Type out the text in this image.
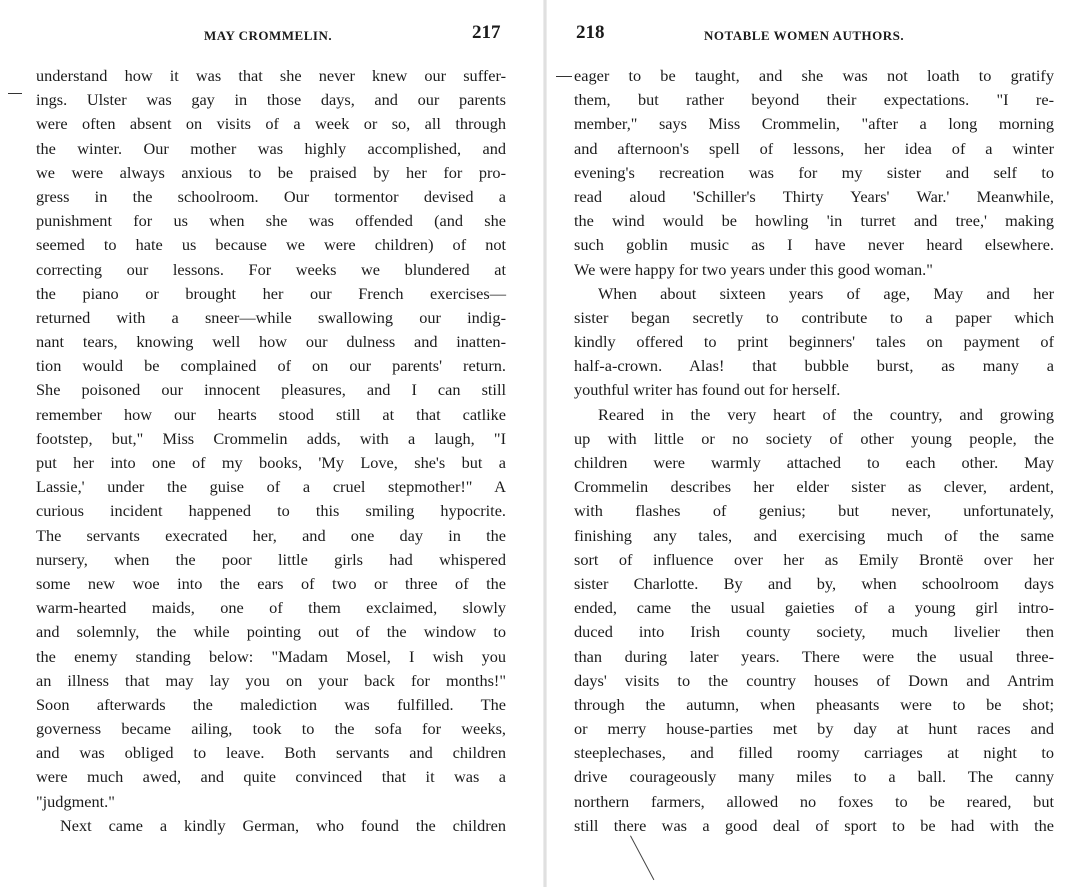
MAY CROMMELIN.	217
understand how it was that she never knew our suffer-
ings. Ulster was gay in those days, and our parents
were often absent on visits of a week or so, all through
the winter. Our mother was highly accomplished, and
we were always anxious to be praised by her for pro-
gress in the schoolroom. Our tormentor devised a
punishment for us when she was offended (and she
seemed to hate us because we were children) of not
correcting our lessons. For weeks we blundered at
the piano or brought her our French exercises—
returned with a sneer—while swallowing our indig-
nant tears, knowing well how our dulness and inatten-
tion would be complained of on our parents' return.
She poisoned our innocent pleasures, and I can still
remember how our hearts stood still at that catlike
footstep, but," Miss Crommelin adds, with a laugh, "I
put her into one of my books, 'My Love, she's but a
Lassie,' under the guise of a cruel stepmother!" A
curious incident happened to this smiling hypocrite.
The servants execrated her, and one day in the
nursery, when the poor little girls had whispered
some new woe into the ears of two or three of the
warm-hearted maids, one of them exclaimed, slowly
and solemnly, the while pointing out of the window to
the enemy standing below: "Madam Mosel, I wish you
an illness that may lay you on your back for months!"
Soon afterwards the malediction was fulfilled. The
governess became ailing, took to the sofa for weeks,
and was obliged to leave. Both servants and children
were much awed, and quite convinced that it was a
"judgment."
Next came a kindly German, who found the children
218	NOTABLE WOMEN AUTHORS.
eager to be taught, and she was not loath to gratify
them, but rather beyond their expectations. "I re-
member," says Miss Crommelin, "after a long morning
and afternoon's spell of lessons, her idea of a winter
evening's recreation was for my sister and self to
read aloud 'Schiller's Thirty Years' War.' Meanwhile,
the wind would be howling 'in turret and tree,' making
such goblin music as I have never heard elsewhere.
We were happy for two years under this good woman."
When about sixteen years of age, May and her
sister began secretly to contribute to a paper which
kindly offered to print beginners' tales on payment of
half-a-crown. Alas! that bubble burst, as many a
youthful writer has found out for herself.
Reared in the very heart of the country, and growing
up with little or no society of other young people, the
children were warmly attached to each other. May
Crommelin describes her elder sister as clever, ardent,
with flashes of genius; but never, unfortunately,
finishing any tales, and exercising much of the same
sort of influence over her as Emily Brontë over her
sister Charlotte. By and by, when schoolroom days
ended, came the usual gaieties of a young girl intro-
duced into Irish county society, much livelier then
than during later years. There were the usual three-
days' visits to the country houses of Down and Antrim
through the autumn, when pheasants were to be shot;
or merry house-parties met by day at hunt races and
steeplechases, and filled roomy carriages at night to
drive courageously many miles to a ball. The canny
northern farmers, allowed no foxes to be reared, but
still there was a good deal of sport to be had with the
